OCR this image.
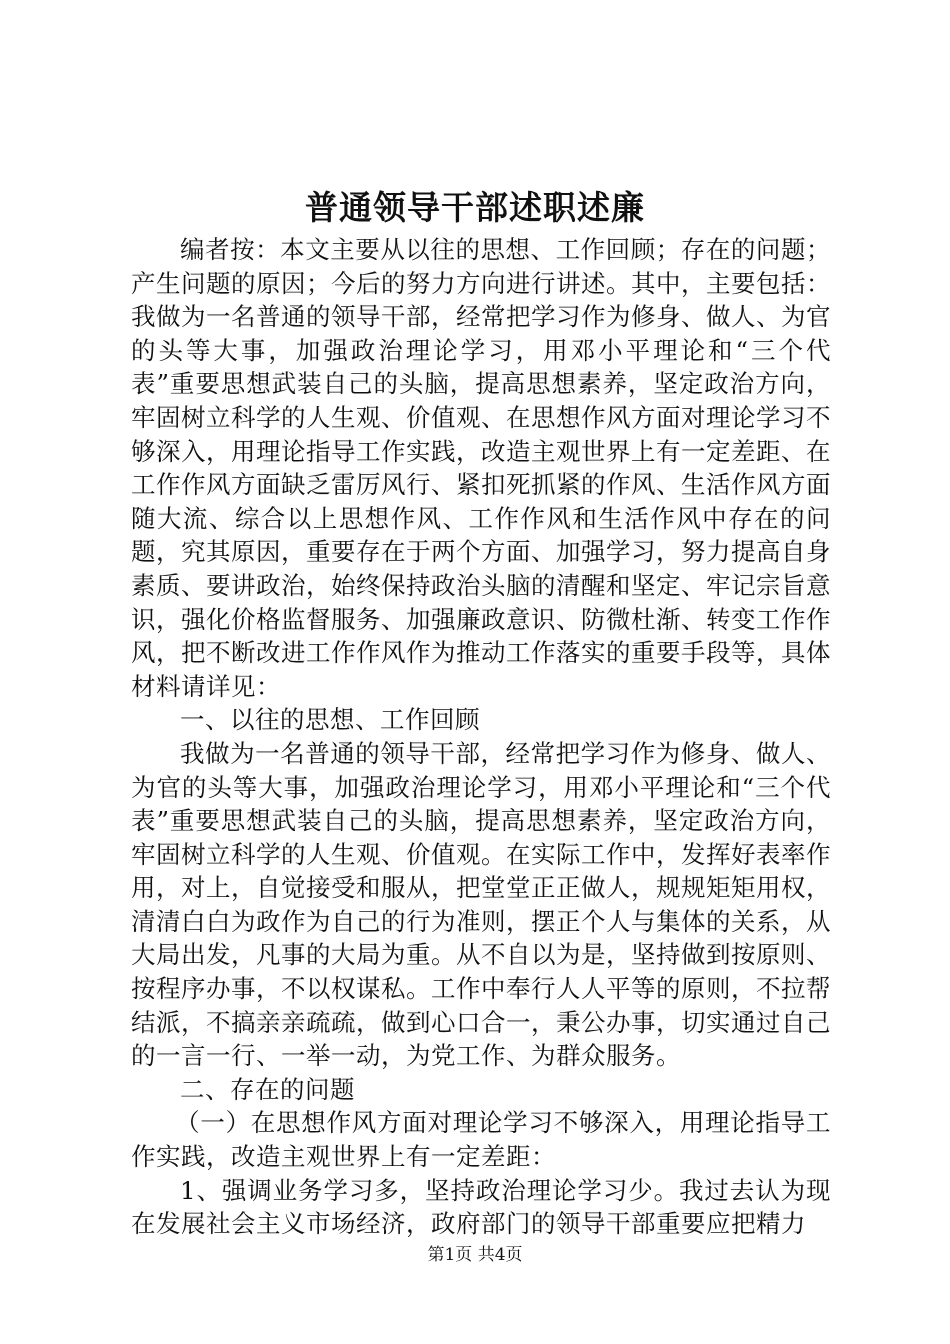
普通领导干部述职述廉

编者按：本文主要从以往的思想、工作回顾；存在的问题；产生问题的原因；今后的努力方向进行讲述。其中，主要包括：我做为一名普通的领导干部，经常把学习作为修身、做人、为官的头等大事，加强政治理论学习，用邓小平理论和“三个代表”重要思想武装自己的头脑，提高思想素养，坚定政治方向，牢固树立科学的人生观、价值观、在思想作风方面对理论学习不够深入，用理论指导工作实践，改造主观世界上有一定差距、在工作作风方面缺乏雷厉风行、紧扣死抓紧的作风、生活作风方面随大流、综合以上思想作风、工作作风和生活作风中存在的问题，究其原因，重要存在于两个方面、加强学习，努力提高自身素质、要讲政治，始终保持政治头脑的清醒和坚定、牢记宗旨意识，强化价格监督服务、加强廉政意识、防微杜渐、转变工作作风，把不断改进工作作风作为推动工作落实的重要手段等，具体材料请详见：

一、以往的思想、工作回顾

我做为一名普通的领导干部，经常把学习作为修身、做人、为官的头等大事，加强政治理论学习，用邓小平理论和“三个代表”重要思想武装自己的头脑，提高思想素养，坚定政治方向，牢固树立科学的人生观、价值观。在实际工作中，发挥好表率作用，对上，自觉接受和服从，把堂堂正正做人，规规矩矩用权，清清白白为政作为自己的行为准则，摆正个人与集体的关系，从大局出发，凡事的大局为重。从不自以为是，坚持做到按原则、按程序办事，不以权谋私。工作中奉行人人平等的原则，不拉帮结派，不搞亲亲疏疏，做到心口合一，秉公办事，切实通过自己的一言一行、一举一动，为党工作、为群众服务。

二、存在的问题

（一）在思想作风方面对理论学习不够深入，用理论指导工作实践，改造主观世界上有一定差距：

1、强调业务学习多，坚持政治理论学习少。我过去认为现在发展社会主义市场经济，政府部门的领导干部重要应把精力

第1页 共4页
